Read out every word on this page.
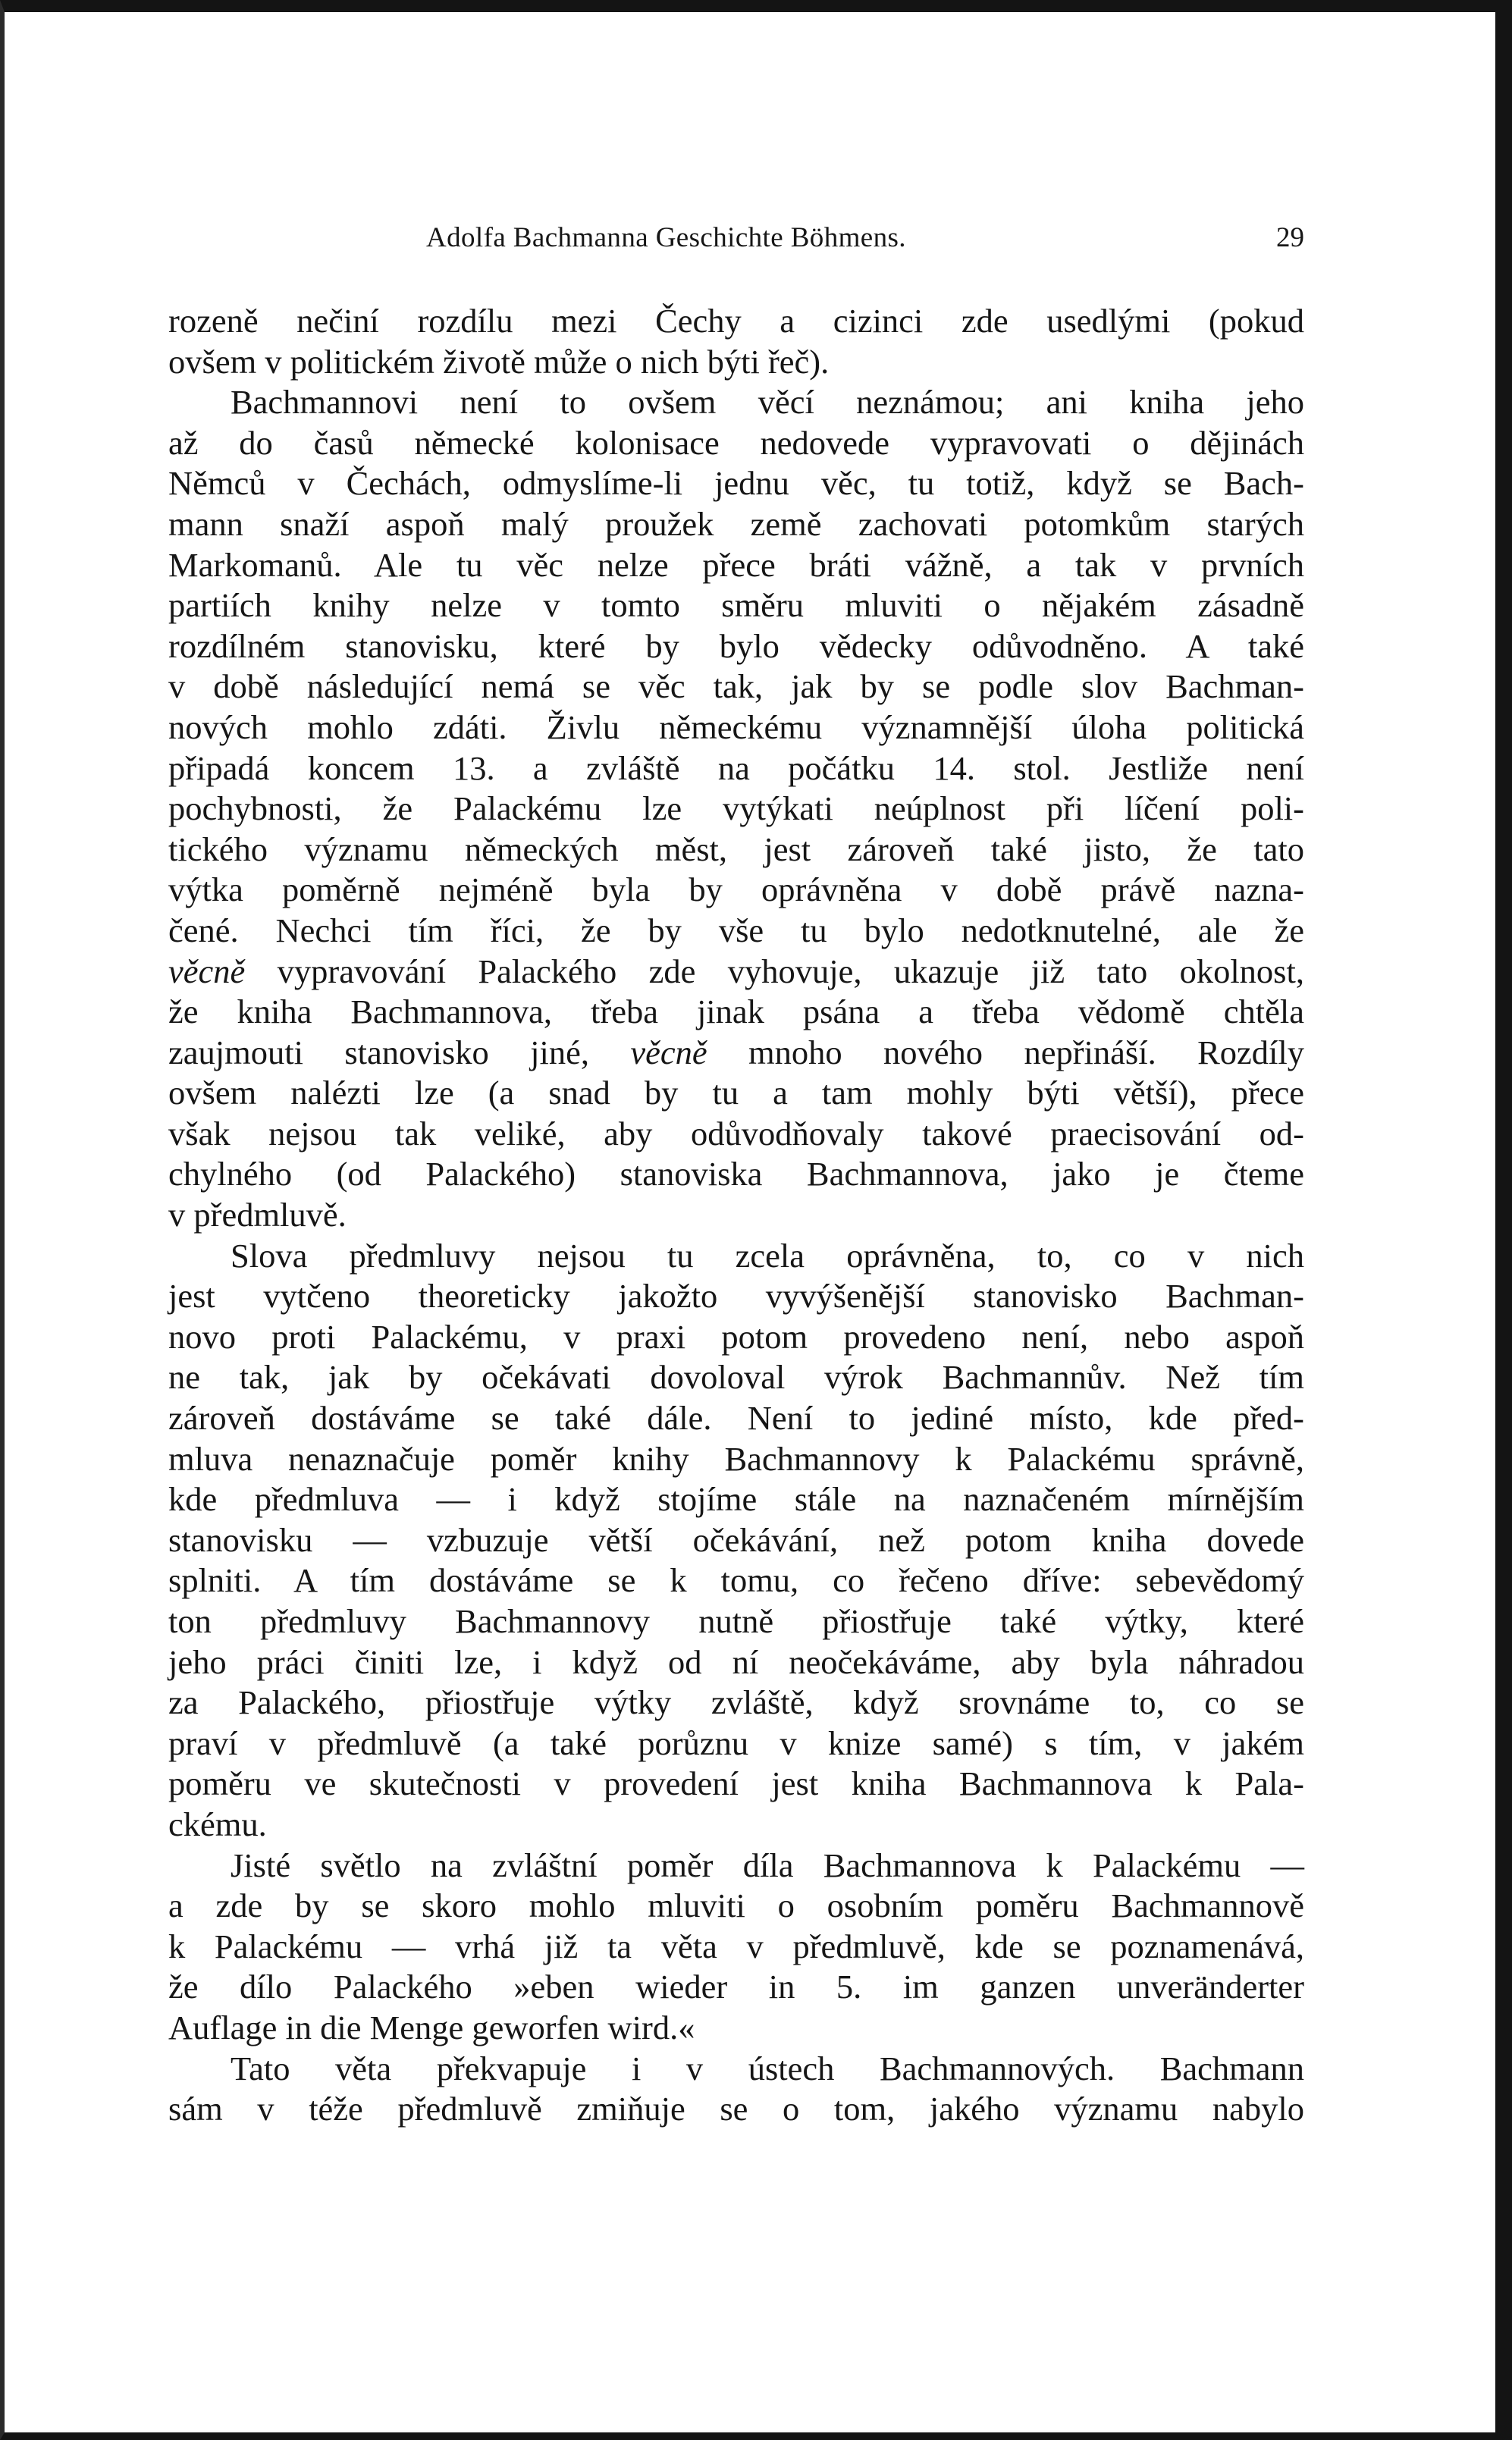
Adolfa Bachmanna Geschichte Böhmens.	29
rozeně nečiní rozdílu mezi Čechy a cizinci zde usedlými (pokud
ovšem v politickém životě může o nich býti řeč).
Bachmannovi není to ovšem věcí neznámou; ani kniha jeho
až do časů německé kolonisace nedovede vypravovati o dějinách
Němců v Čechách, odmyslíme-li jednu věc, tu totiž, když se Bach-
mann snaží aspoň malý proužek země zachovati potomkům starých
Markomanů. Ale tu věc nelze přece bráti vážně, a tak v prvních
partiích knihy nelze v tomto směru mluviti o nějakém zásadně
rozdílném stanovisku, které by bylo vědecky odůvodněno. A také
v době následující nemá se věc tak, jak by se podle slov Bachman-
nových mohlo zdáti. Živlu německému významnější úloha politická
připadá koncem 13. a zvláště na počátku 14. stol. Jestliže není
pochybnosti, že Palackému lze vytýkati neúplnost při líčení poli-
tického významu německých měst, jest zároveň také jisto, že tato
výtka poměrně nejméně byla by oprávněna v době právě nazna-
čené. Nechci tím říci, že by vše tu bylo nedotknutelné, ale že
věcně vypravování Palackého zde vyhovuje, ukazuje již tato okolnost,
že kniha Bachmannova, třeba jinak psána a třeba vědomě chtěla
zaujmouti stanovisko jiné, věcně mnoho nového nepřináší. Rozdíly
ovšem nalézti lze (a snad by tu a tam mohly býti větší), přece
však nejsou tak veliké, aby odůvodňovaly takové praecisování od-
chylného (od Palackého) stanoviska Bachmannova, jako je čteme
v předmluvě.
Slova předmluvy nejsou tu zcela oprávněna, to, co v nich
jest vytčeno theoreticky jakožto vyvýšenější stanovisko Bachman-
novo proti Palackému, v praxi potom provedeno není, nebo aspoň
ne tak, jak by očekávati dovoloval výrok Bachmannův. Než tím
zároveň dostáváme se také dále. Není to jediné místo, kde před-
mluva nenaznačuje poměr knihy Bachmannovy k Palackému správně,
kde předmluva — i když stojíme stále na naznačeném mírnějším
stanovisku — vzbuzuje větší očekávání, než potom kniha dovede
splniti. A tím dostáváme se k tomu, co řečeno dříve: sebevědomý
ton předmluvy Bachmannovy nutně přiostřuje také výtky, které
jeho práci činiti lze, i když od ní neočekáváme, aby byla náhradou
za Palackého, přiostřuje výtky zvláště, když srovnáme to, co se
praví v předmluvě (a také porůznu v knize samé) s tím, v jakém
poměru ve skutečnosti v provedení jest kniha Bachmannova k Pala-
ckému.
Jisté světlo na zvláštní poměr díla Bachmannova k Palackému —
a zde by se skoro mohlo mluviti o osobním poměru Bachmannově
k Palackému — vrhá již ta věta v předmluvě, kde se poznamenává,
že dílo Palackého »eben wieder in 5. im ganzen unveränderter
Auflage in die Menge geworfen wird.«
Tato věta překvapuje i v ústech Bachmannových. Bachmann
sám v téže předmluvě zmiňuje se o tom, jakého významu nabylo
